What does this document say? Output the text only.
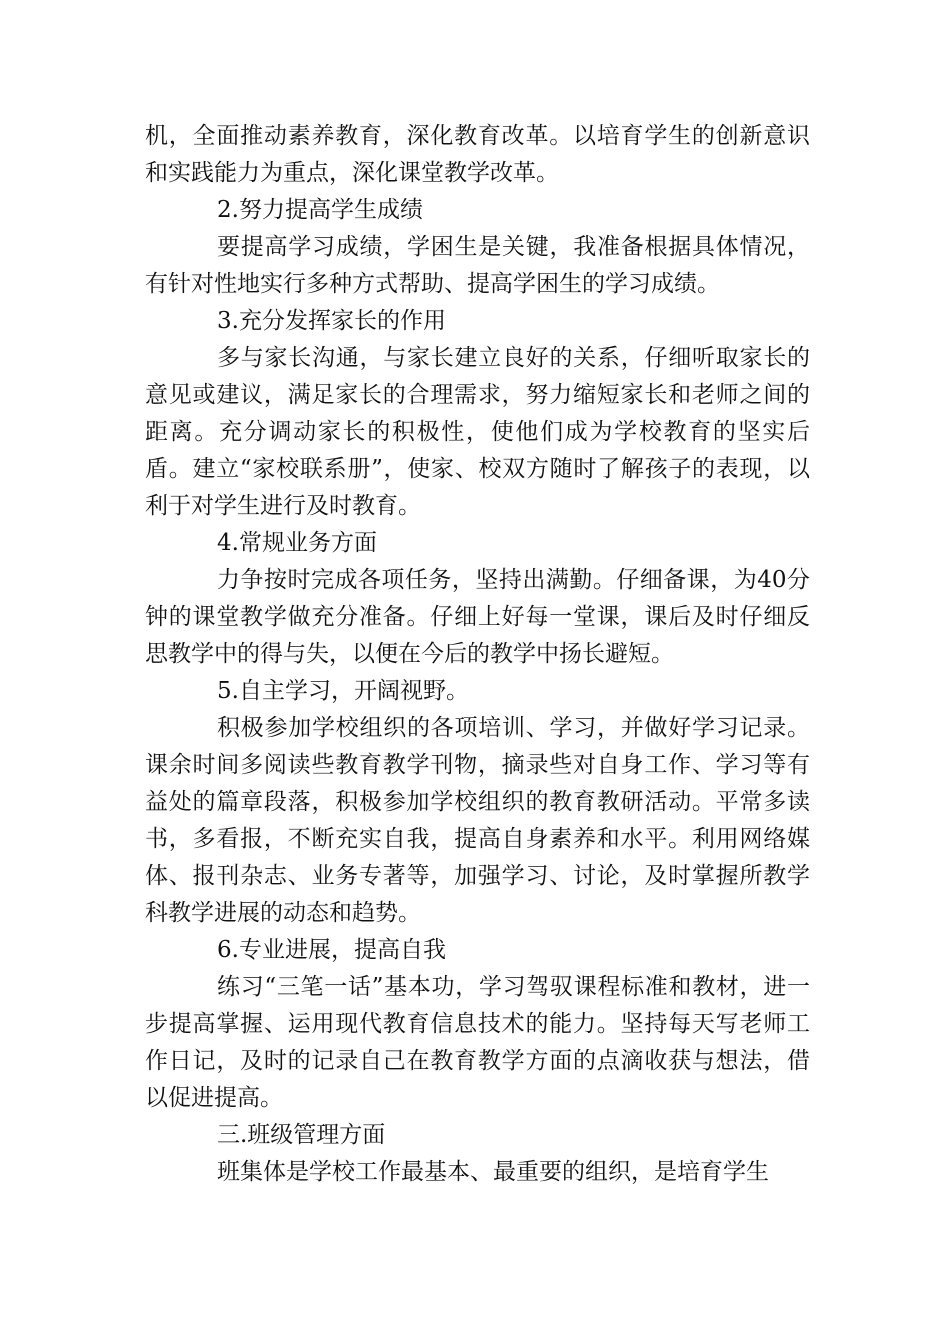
机，全面推动素养教育，深化教育改革。以培育学生的创新意识和实践能力为重点，深化课堂教学改革。

2.努力提高学生成绩

要提高学习成绩，学困生是关键，我准备根据具体情况，有针对性地实行多种方式帮助、提高学困生的学习成绩。

3.充分发挥家长的作用

多与家长沟通，与家长建立良好的关系，仔细听取家长的意见或建议，满足家长的合理需求，努力缩短家长和老师之间的距离。充分调动家长的积极性，使他们成为学校教育的坚实后盾。建立“家校联系册”，使家、校双方随时了解孩子的表现，以利于对学生进行及时教育。

4.常规业务方面

力争按时完成各项任务，坚持出满勤。仔细备课，为40分钟的课堂教学做充分准备。仔细上好每一堂课，课后及时仔细反思教学中的得与失，以便在今后的教学中扬长避短。

5.自主学习，开阔视野。

积极参加学校组织的各项培训、学习，并做好学习记录。课余时间多阅读些教育教学刊物，摘录些对自身工作、学习等有益处的篇章段落，积极参加学校组织的教育教研活动。平常多读书，多看报，不断充实自我，提高自身素养和水平。利用网络媒体、报刊杂志、业务专著等，加强学习、讨论，及时掌握所教学科教学进展的动态和趋势。

6.专业进展，提高自我

练习“三笔一话”基本功，学习驾驭课程标准和教材，进一步提高掌握、运用现代教育信息技术的能力。坚持每天写老师工作日记，及时的记录自己在教育教学方面的点滴收获与想法，借以促进提高。

三.班级管理方面

班集体是学校工作最基本、最重要的组织，是培育学生
